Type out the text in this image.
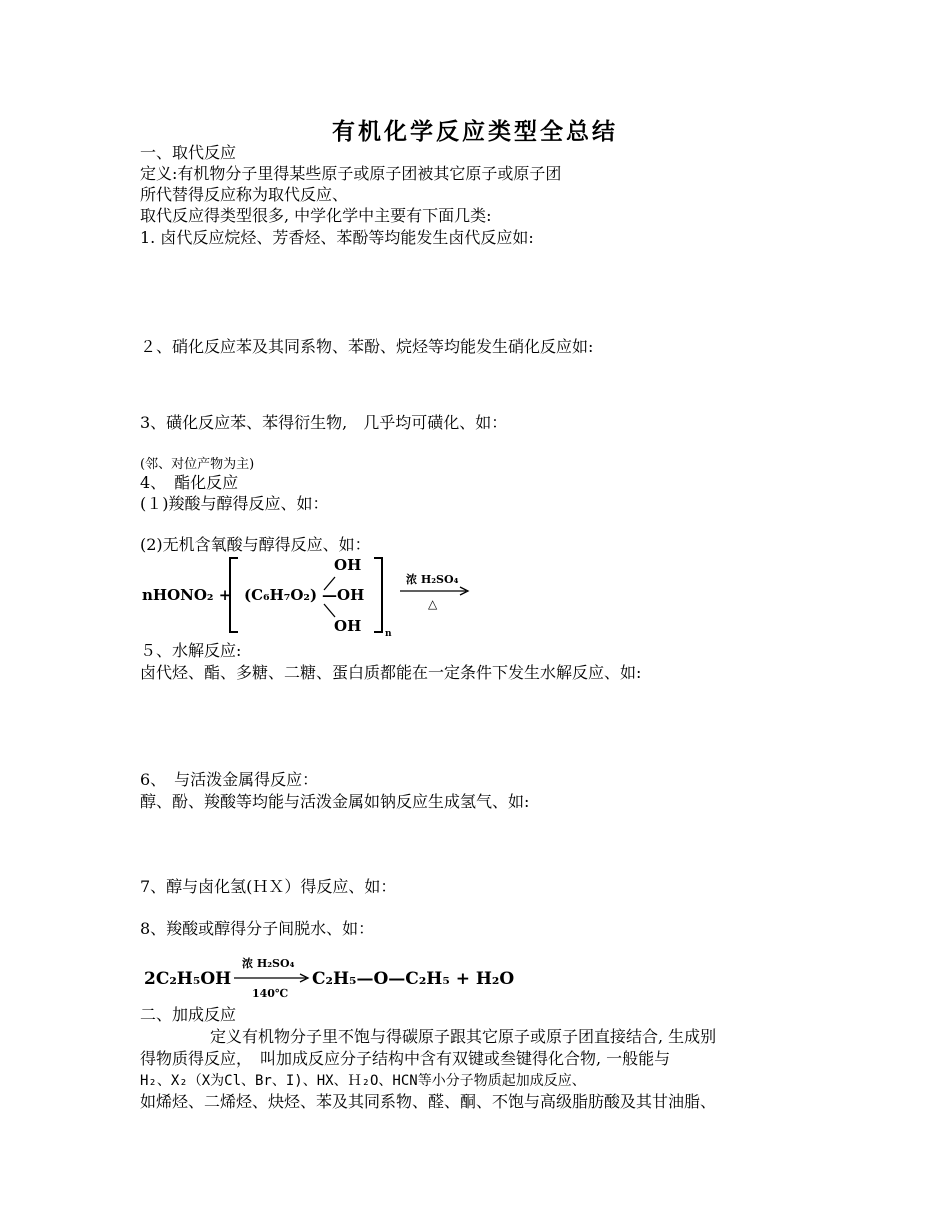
有机化学反应类型全总结
一、取代反应
定义:有机物分子里得某些原子或原子团被其它原子或原子团
所代替得反应称为取代反应、
取代反应得类型很多, 中学化学中主要有下面几类:
1. 卤代反应烷烃、芳香烃、苯酚等均能发生卤代反应如:
２、硝化反应苯及其同系物、苯酚、烷烃等均能发生硝化反应如:
3、磺化反应苯、苯得衍生物,　几乎均可磺化、如：
(邻、对位产物为主)
4、　酯化反应
(１)羧酸与醇得反应、如：
(2)无机含氧酸与醇得反应、如：
nHONO₂ + (C₆H₇O₂)
OH
—OH
OH	n
浓 H₂SO₄
△
５、水解反应:
卤代烃、酯、多糖、二糖、蛋白质都能在一定条件下发生水解反应、如:
6、　与活泼金属得反应：
醇、酚、羧酸等均能与活泼金属如钠反应生成氢气、如:
7、醇与卤化氢(ＨＸ）得反应、如：
8、羧酸或醇得分子间脱水、如：
2C₂H₅OH
浓 H₂SO₄
140℃
C₂H₅—O—C₂H₅ + H₂O
二、加成反应
定义有机物分子里不饱与得碳原子跟其它原子或原子团直接结合, 生成别
得物质得反应，　叫加成反应分子结构中含有双键或叁键得化合物, 一般能与
H₂、X₂（X为Cl、Br、I)、HX、Ｈ₂O、HCN等小分子物质起加成反应、
如烯烃、二烯烃、炔烃、苯及其同系物、醛、酮、不饱与高级脂肪酸及其甘油脂、
